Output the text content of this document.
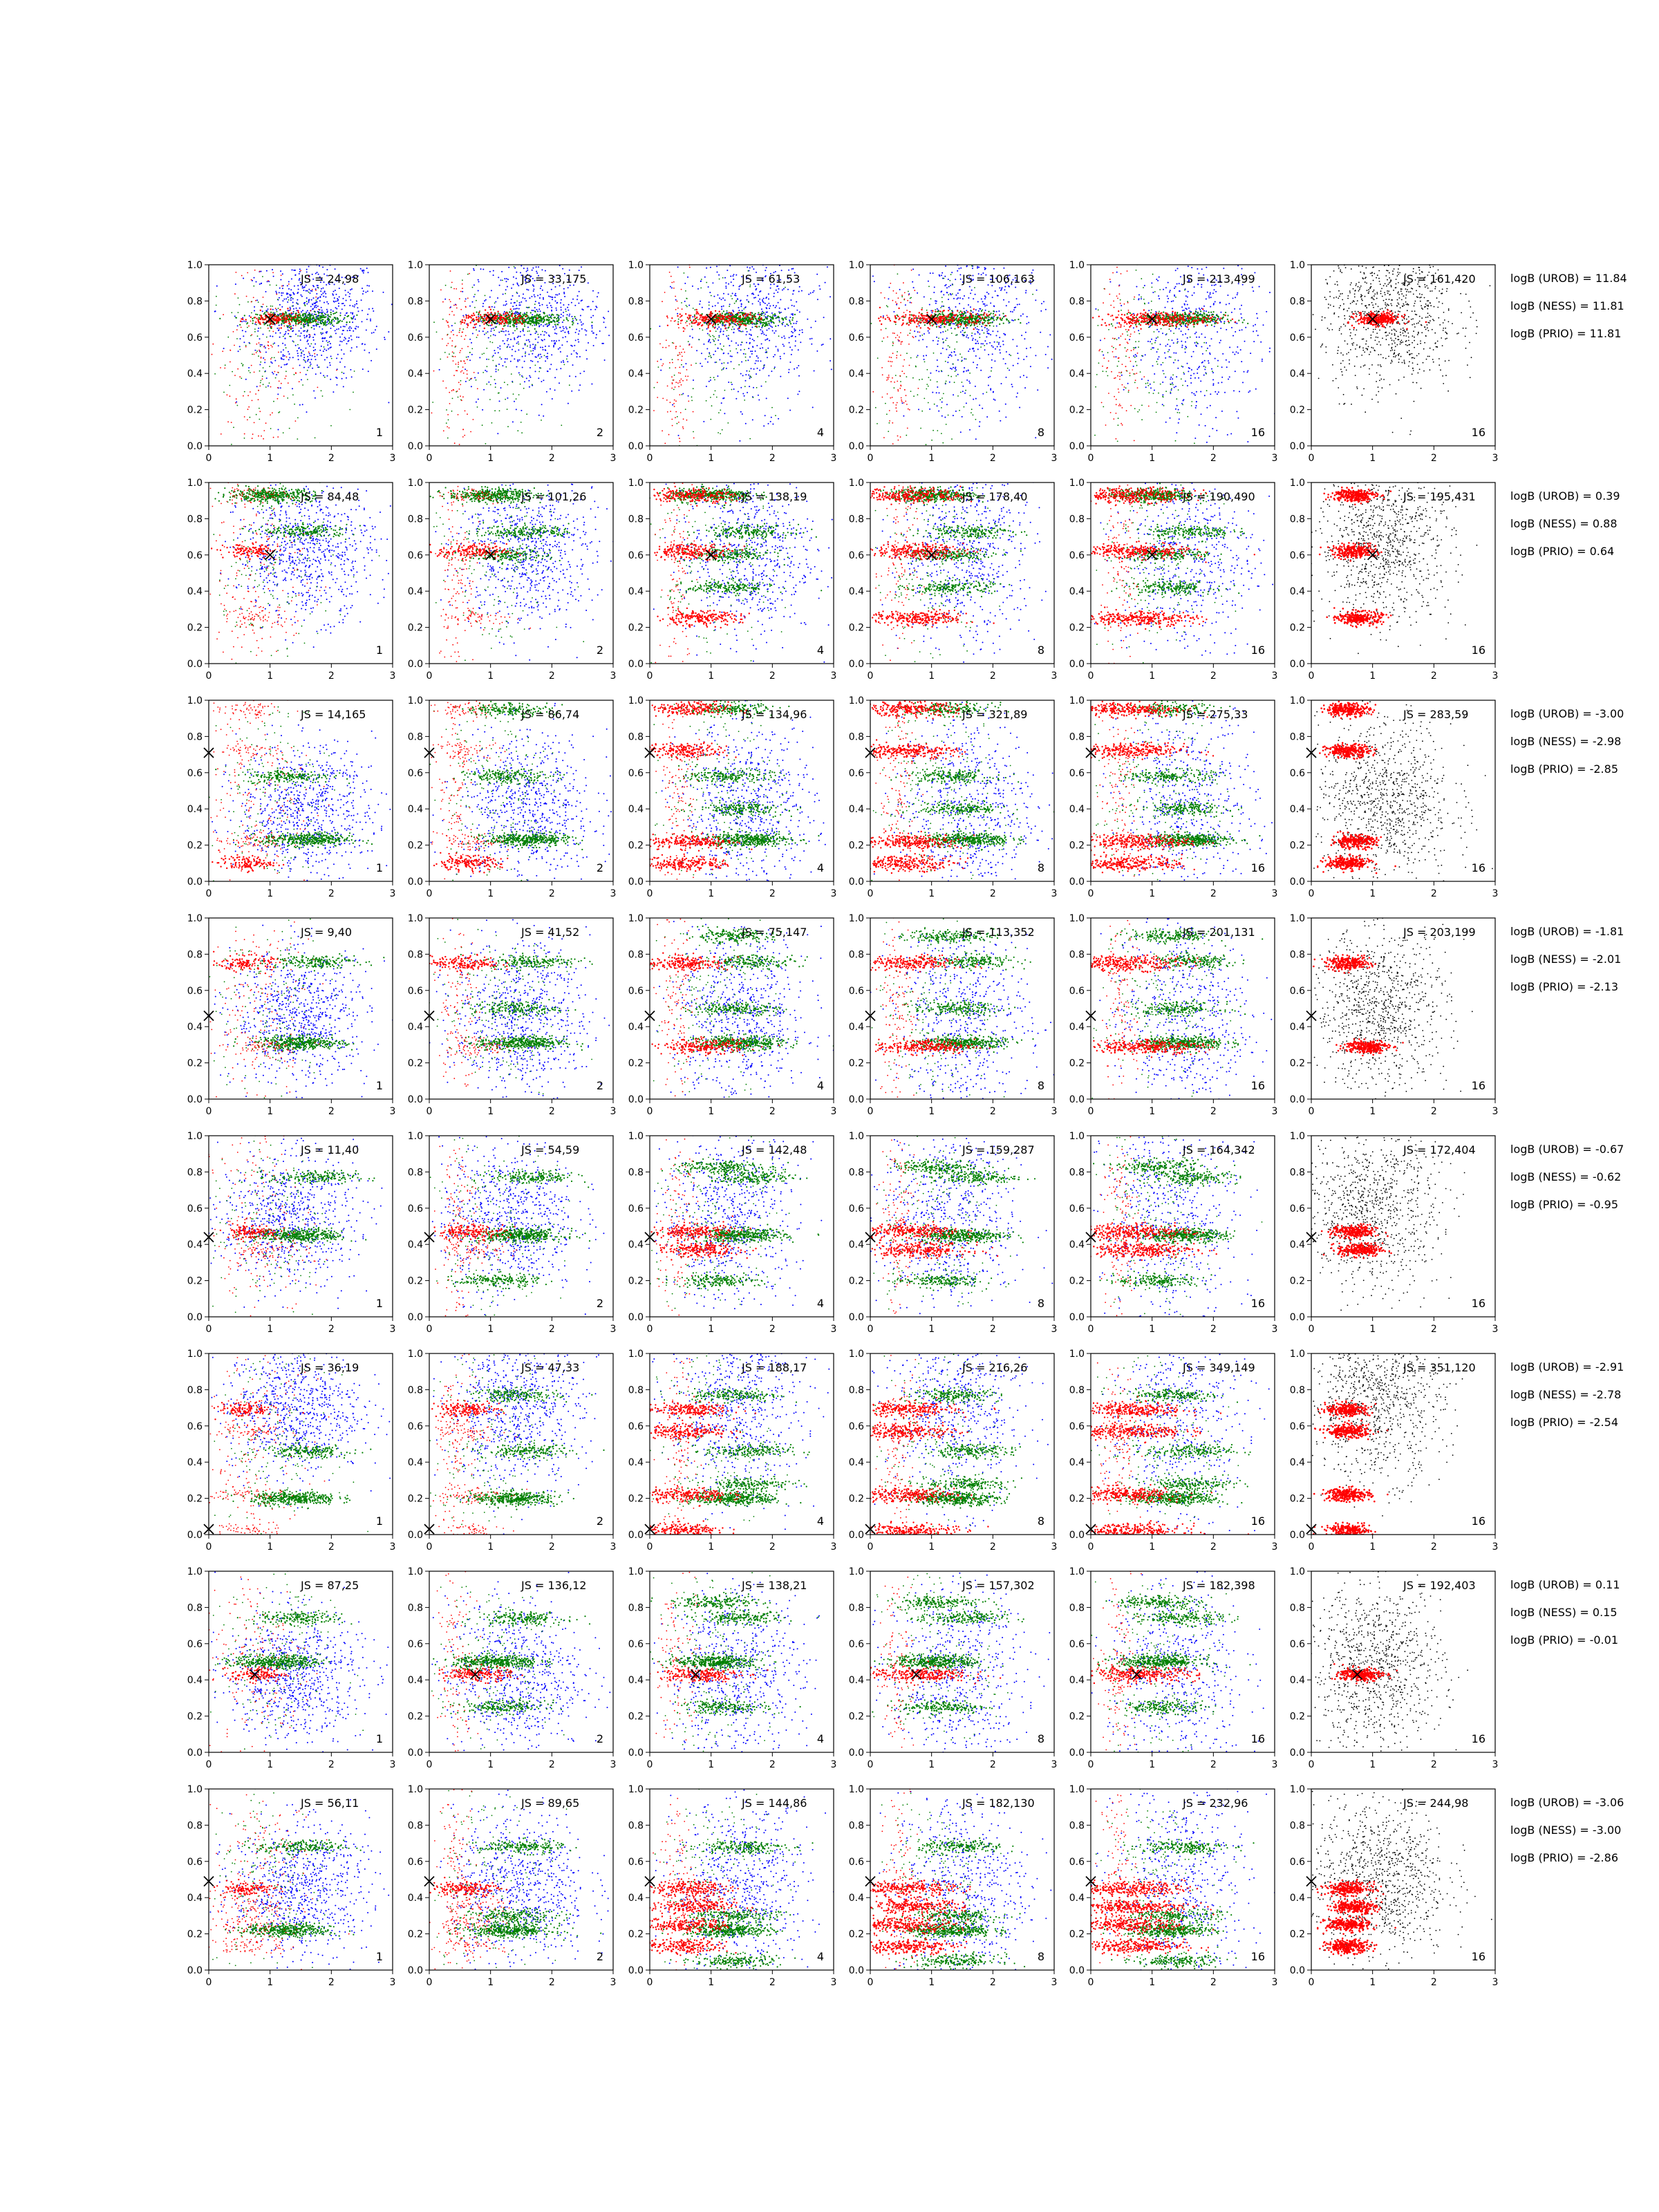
0	1	2	3
0.0
0.2
0.4
0.6
0.8
1.0
JS = 24,98
1
0	1	2	3
0.0
0.2
0.4
0.6
0.8
1.0
JS = 33,175
2
0	1	2	3
0.0
0.2
0.4
0.6
0.8
1.0
JS = 61,53
4
0	1	2	3
0.0
0.2
0.4
0.6
0.8
1.0
JS = 106,163
8
0	1	2	3
0.0
0.2
0.4
0.6
0.8
1.0
JS = 213,499
16
0	1	2	3
0.0
0.2
0.4
0.6
0.8
1.0
JS = 161,420
16
logB (UROB) = 11.84
logB (NESS) = 11.81
logB (PRIO) = 11.81
0	1	2	3
0.0
0.2
0.4
0.6
0.8
1.0
JS = 84,48
1
0	1	2	3
0.0
0.2
0.4
0.6
0.8
1.0
JS = 101,26
2
0	1	2	3
0.0
0.2
0.4
0.6
0.8
1.0
JS = 138,19
4
0	1	2	3
0.0
0.2
0.4
0.6
0.8
1.0
JS = 178,40
8
0	1	2	3
0.0
0.2
0.4
0.6
0.8
1.0
JS = 190,490
16
0	1	2	3
0.0
0.2
0.4
0.6
0.8
1.0
JS = 195,431
16
logB (UROB) = 0.39
logB (NESS) = 0.88
logB (PRIO) = 0.64
0	1	2	3
0.0
0.2
0.4
0.6
0.8
1.0
JS = 14,165
1
0	1	2	3
0.0
0.2
0.4
0.6
0.8
1.0
JS = 86,74
2
0	1	2	3
0.0
0.2
0.4
0.6
0.8
1.0
JS = 134,96
4
0	1	2	3
0.0
0.2
0.4
0.6
0.8
1.0
JS = 321,89
8
0	1	2	3
0.0
0.2
0.4
0.6
0.8
1.0
JS = 275,33
16
0	1	2	3
0.0
0.2
0.4
0.6
0.8
1.0
JS = 283,59
16
logB (UROB) = -3.00
logB (NESS) = -2.98
logB (PRIO) = -2.85
0	1	2	3
0.0
0.2
0.4
0.6
0.8
1.0
JS = 9,40
1
0	1	2	3
0.0
0.2
0.4
0.6
0.8
1.0
JS = 41,52
2
0	1	2	3
0.0
0.2
0.4
0.6
0.8
1.0
JS = 75,147
4
0	1	2	3
0.0
0.2
0.4
0.6
0.8
1.0
JS = 113,352
8
0	1	2	3
0.0
0.2
0.4
0.6
0.8
1.0
JS = 201,131
16
0	1	2	3
0.0
0.2
0.4
0.6
0.8
1.0
JS = 203,199
16
logB (UROB) = -1.81
logB (NESS) = -2.01
logB (PRIO) = -2.13
0	1	2	3
0.0
0.2
0.4
0.6
0.8
1.0
JS = 11,40
1
0	1	2	3
0.0
0.2
0.4
0.6
0.8
1.0
JS = 54,59
2
0	1	2	3
0.0
0.2
0.4
0.6
0.8
1.0
JS = 142,48
4
0	1	2	3
0.0
0.2
0.4
0.6
0.8
1.0
JS = 159,287
8
0	1	2	3
0.0
0.2
0.4
0.6
0.8
1.0
JS = 164,342
16
0	1	2	3
0.0
0.2
0.4
0.6
0.8
1.0
JS = 172,404
16
logB (UROB) = -0.67
logB (NESS) = -0.62
logB (PRIO) = -0.95
0	1	2	3
0.0
0.2
0.4
0.6
0.8
1.0
JS = 36,19
1
0	1	2	3
0.0
0.2
0.4
0.6
0.8
1.0
JS = 47,33
2
0	1	2	3
0.0
0.2
0.4
0.6
0.8
1.0
JS = 188,17
4
0	1	2	3
0.0
0.2
0.4
0.6
0.8
1.0
JS = 216,26
8
0	1	2	3
0.0
0.2
0.4
0.6
0.8
1.0
JS = 349,149
16
0	1	2	3
0.0
0.2
0.4
0.6
0.8
1.0
JS = 351,120
16
logB (UROB) = -2.91
logB (NESS) = -2.78
logB (PRIO) = -2.54
0	1	2	3
0.0
0.2
0.4
0.6
0.8
1.0
JS = 87,25
1
0	1	2	3
0.0
0.2
0.4
0.6
0.8
1.0
JS = 136,12
2
0	1	2	3
0.0
0.2
0.4
0.6
0.8
1.0
JS = 138,21
4
0	1	2	3
0.0
0.2
0.4
0.6
0.8
1.0
JS = 157,302
8
0	1	2	3
0.0
0.2
0.4
0.6
0.8
1.0
JS = 182,398
16
0	1	2	3
0.0
0.2
0.4
0.6
0.8
1.0
JS = 192,403
16
logB (UROB) = 0.11
logB (NESS) = 0.15
logB (PRIO) = -0.01
0	1	2	3
0.0
0.2
0.4
0.6
0.8
1.0
JS = 56,11
1
0	1	2	3
0.0
0.2
0.4
0.6
0.8
1.0
JS = 89,65
2
0	1	2	3
0.0
0.2
0.4
0.6
0.8
1.0
JS = 144,86
4
0	1	2	3
0.0
0.2
0.4
0.6
0.8
1.0
JS = 182,130
8
0	1	2	3
0.0
0.2
0.4
0.6
0.8
1.0
JS = 232,96
16
0	1	2	3
0.0
0.2
0.4
0.6
0.8
1.0
JS = 244,98
16
logB (UROB) = -3.06
logB (NESS) = -3.00
logB (PRIO) = -2.86
